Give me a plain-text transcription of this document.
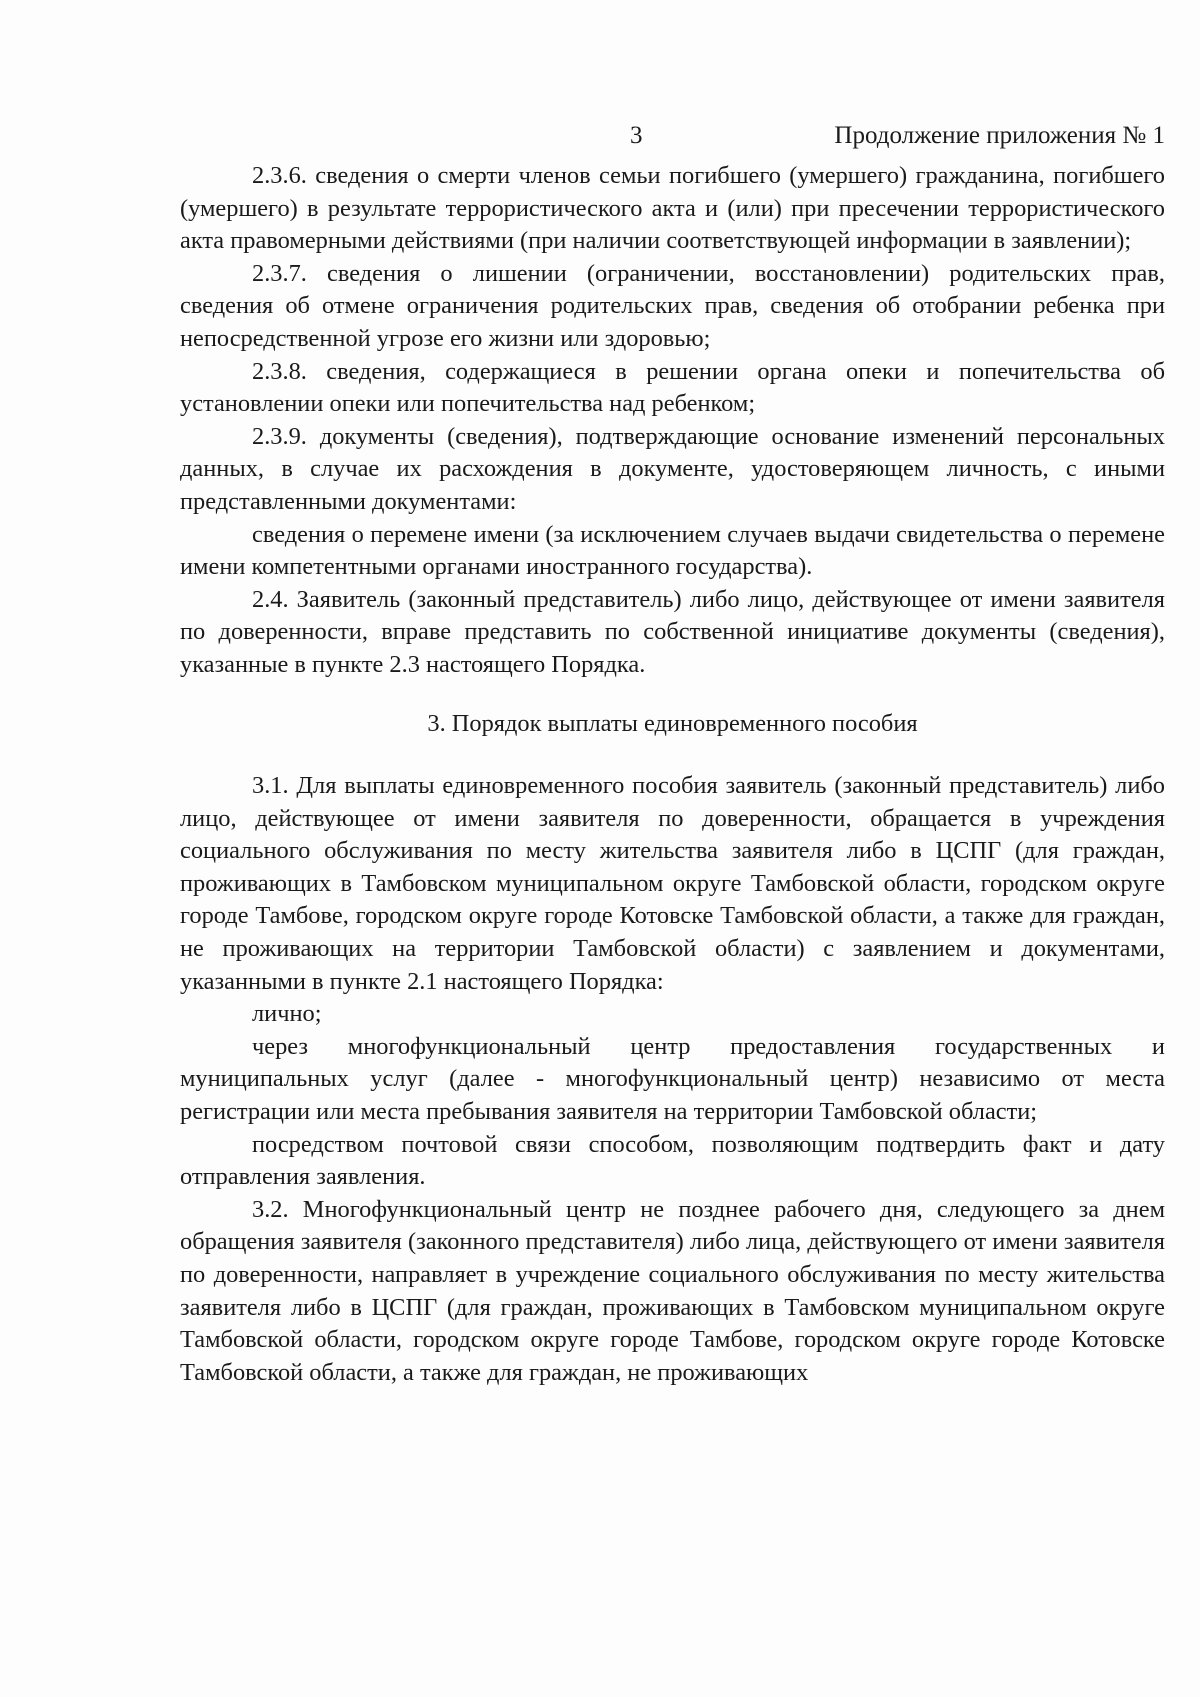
3	Продолжение приложения № 1

2.3.6. сведения о смерти членов семьи погибшего (умершего) гражданина, погибшего (умершего) в результате террористического акта и (или) при пресечении террористического акта правомерными действиями (при наличии соответствующей информации в заявлении);

2.3.7. сведения о лишении (ограничении, восстановлении) родительских прав, сведения об отмене ограничения родительских прав, сведения об отобрании ребенка при непосредственной угрозе его жизни или здоровью;

2.3.8. сведения, содержащиеся в решении органа опеки и попечительства об установлении опеки или попечительства над ребенком;

2.3.9. документы (сведения), подтверждающие основание изменений персональных данных, в случае их расхождения в документе, удостоверяющем личность, с иными представленными документами:

сведения о перемене имени (за исключением случаев выдачи свидетельства о перемене имени компетентными органами иностранного государства).

2.4. Заявитель (законный представитель) либо лицо, действующее от имени заявителя по доверенности, вправе представить по собственной инициативе документы (сведения), указанные в пункте 2.3 настоящего Порядка.

3. Порядок выплаты единовременного пособия

3.1. Для выплаты единовременного пособия заявитель (законный представитель) либо лицо, действующее от имени заявителя по доверенности, обращается в учреждения социального обслуживания по месту жительства заявителя либо в ЦСПГ (для граждан, проживающих в Тамбовском муниципальном округе Тамбовской области, городском округе городе Тамбове, городском округе городе Котовске Тамбовской области, а также для граждан, не проживающих на территории Тамбовской области) с заявлением и документами, указанными в пункте 2.1 настоящего Порядка:

лично;

через многофункциональный центр предоставления государственных и муниципальных услуг (далее - многофункциональный центр) независимо от места регистрации или места пребывания заявителя на территории Тамбовской области;

посредством почтовой связи способом, позволяющим подтвердить факт и дату отправления заявления.

3.2. Многофункциональный центр не позднее рабочего дня, следующего за днем обращения заявителя (законного представителя) либо лица, действующего от имени заявителя по доверенности, направляет в учреждение социального обслуживания по месту жительства заявителя либо в ЦСПГ (для граждан, проживающих в Тамбовском муниципальном округе Тамбовской области, городском округе городе Тамбове, городском округе городе Котовске Тамбовской области, а также для граждан, не проживающих
